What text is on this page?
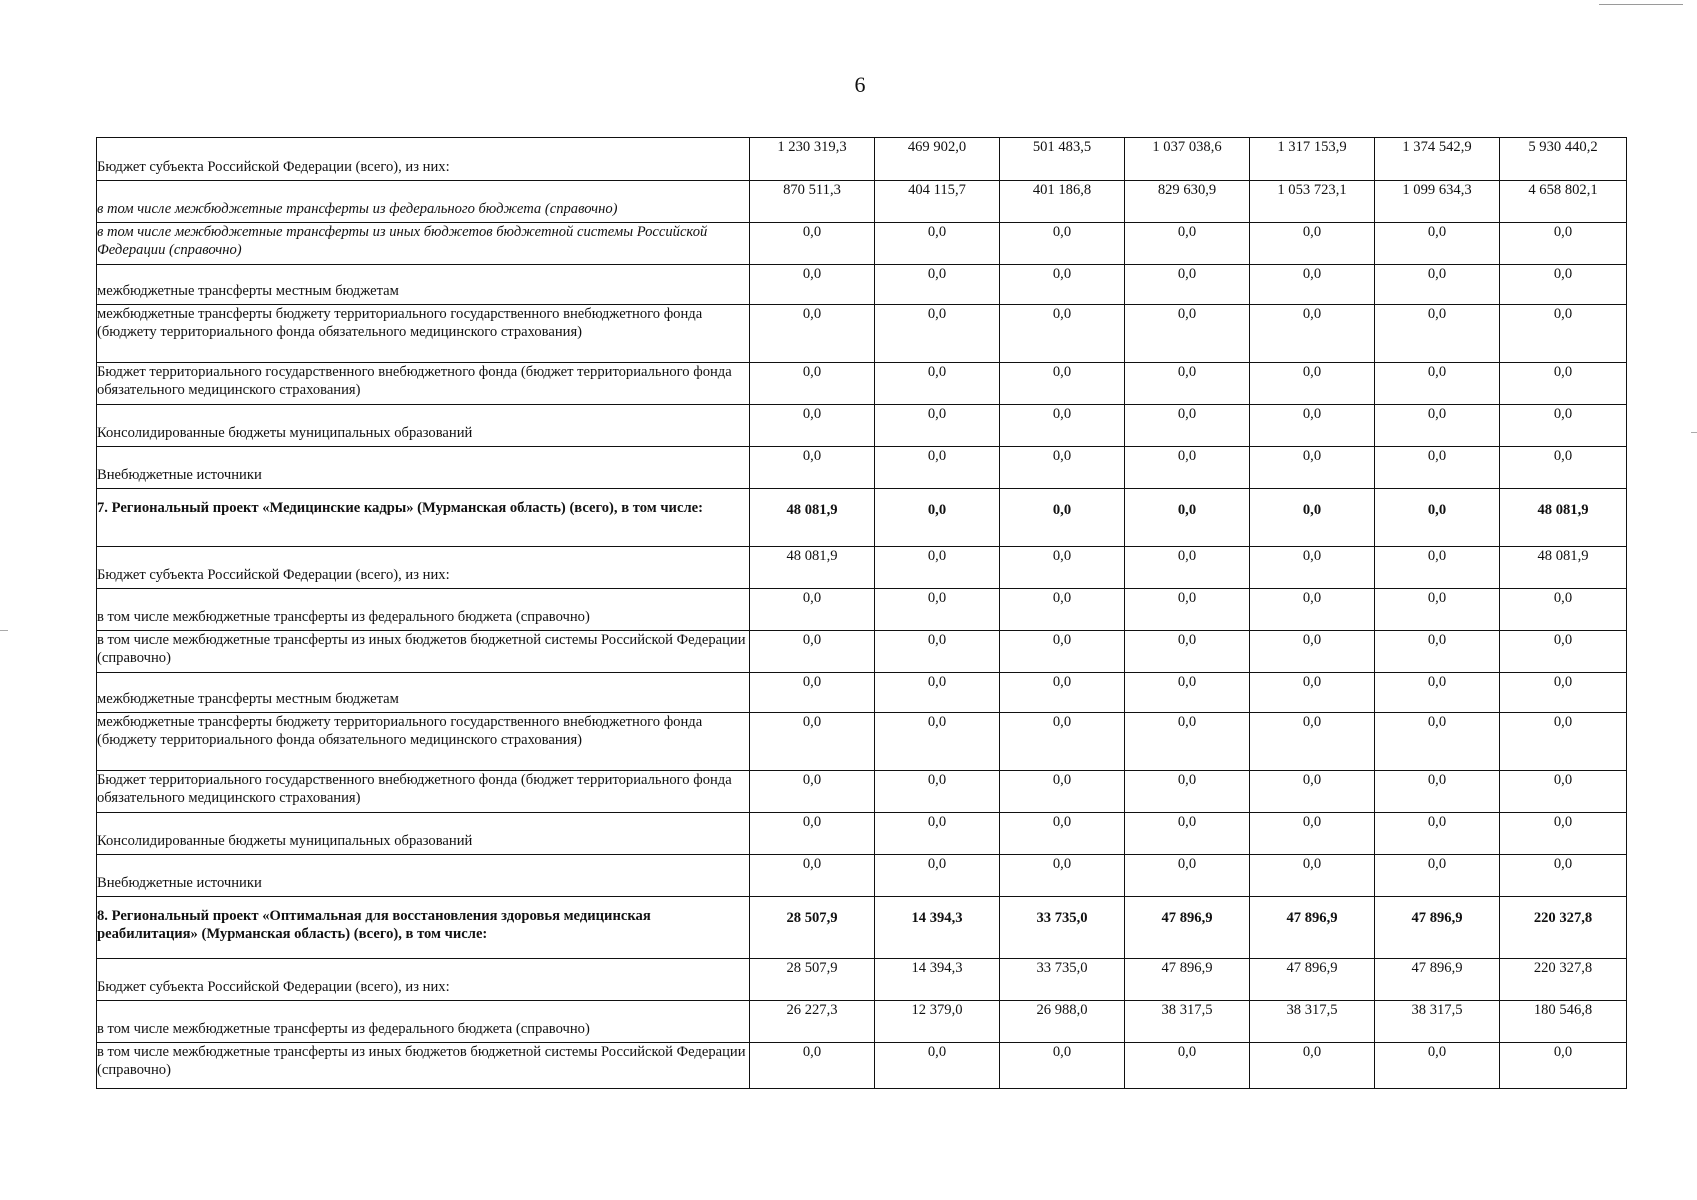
6
Бюджет субъекта Российской Федерации (всего), из них:	1 230 319,3	469 902,0	501 483,5	1 037 038,6	1 317 153,9	1 374 542,9	5 930 440,2

в том числе межбюджетные трансферты из федерального бюджета (справочно)	870 511,3	404 115,7	401 186,8	829 630,9	1 053 723,1	1 099 634,3	4 658 802,1

в том числе межбюджетные трансферты из иных бюджетов бюджетной системы Российской Федерации (справочно)	0,0	0,0	0,0	0,0	0,0	0,0	0,0

межбюджетные трансферты местным бюджетам	0,0	0,0	0,0	0,0	0,0	0,0	0,0

межбюджетные трансферты бюджету территориального государственного внебюджетного фонда (бюджету территориального фонда обязательного медицинского страхования)	0,0	0,0	0,0	0,0	0,0	0,0	0,0

Бюджет территориального государственного внебюджетного фонда (бюджет территориального фонда обязательного медицинского страхования)	0,0	0,0	0,0	0,0	0,0	0,0	0,0

Консолидированные бюджеты муниципальных образований	0,0	0,0	0,0	0,0	0,0	0,0	0,0

Внебюджетные источники	0,0	0,0	0,0	0,0	0,0	0,0	0,0

7. Региональный проект «Медицинские кадры» (Мурманская область) (всего), в том числе:	48 081,9	0,0	0,0	0,0	0,0	0,0	48 081,9

Бюджет субъекта Российской Федерации (всего), из них:	48 081,9	0,0	0,0	0,0	0,0	0,0	48 081,9

в том числе межбюджетные трансферты из федерального бюджета (справочно)	0,0	0,0	0,0	0,0	0,0	0,0	0,0

в том числе межбюджетные трансферты из иных бюджетов бюджетной системы Российской Федерации (справочно)	0,0	0,0	0,0	0,0	0,0	0,0	0,0

межбюджетные трансферты местным бюджетам	0,0	0,0	0,0	0,0	0,0	0,0	0,0

межбюджетные трансферты бюджету территориального государственного внебюджетного фонда (бюджету территориального фонда обязательного медицинского страхования)	0,0	0,0	0,0	0,0	0,0	0,0	0,0

Бюджет территориального государственного внебюджетного фонда (бюджет территориального фонда обязательного медицинского страхования)	0,0	0,0	0,0	0,0	0,0	0,0	0,0

Консолидированные бюджеты муниципальных образований	0,0	0,0	0,0	0,0	0,0	0,0	0,0

Внебюджетные источники	0,0	0,0	0,0	0,0	0,0	0,0	0,0

8. Региональный проект «Оптимальная для восстановления здоровья медицинская реабилитация» (Мурманская область) (всего), в том числе:	28 507,9	14 394,3	33 735,0	47 896,9	47 896,9	47 896,9	220 327,8

Бюджет субъекта Российской Федерации (всего), из них:	28 507,9	14 394,3	33 735,0	47 896,9	47 896,9	47 896,9	220 327,8

в том числе межбюджетные трансферты из федерального бюджета (справочно)	26 227,3	12 379,0	26 988,0	38 317,5	38 317,5	38 317,5	180 546,8

в том числе межбюджетные трансферты из иных бюджетов бюджетной системы Российской Федерации (справочно)	0,0	0,0	0,0	0,0	0,0	0,0	0,0
